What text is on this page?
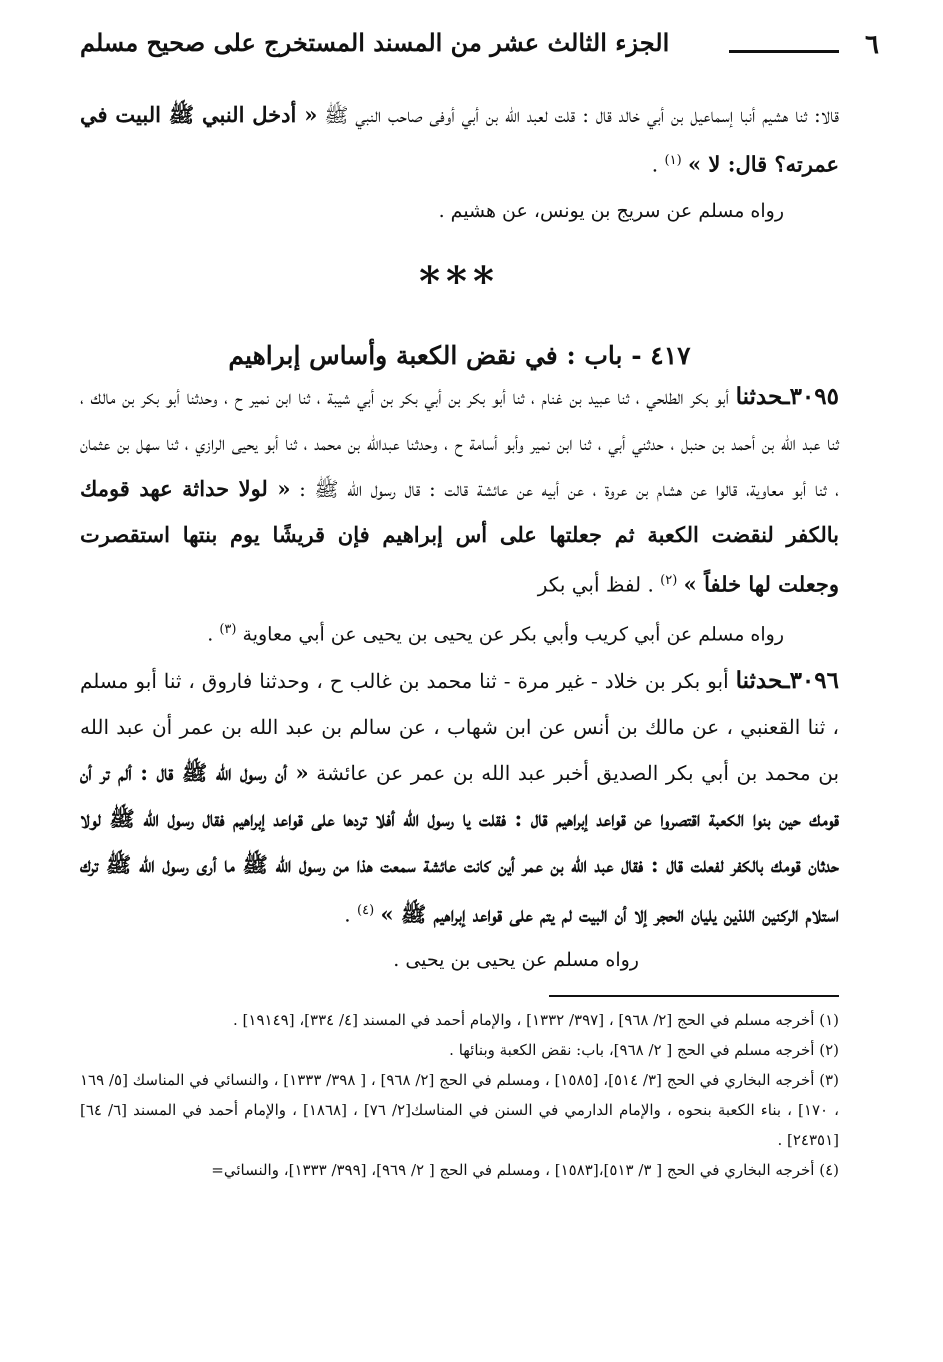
٦
الجزء الثالث عشر من المسند المستخرج على صحيح مسلم

قالا: ثنا هشيم أنبا إسماعيل بن أبي خالد قال : قلت لعبد الله بن أبي أوفى صاحب النبي ﷺ « أدخل النبي ﷺ البيت في عمرته؟ قال: لا » $^{(١)}$ .

رواه مسلم عن سريج بن يونس، عن هشيم .

***
٤١٧ - باب : في نقض الكعبة وأساس إبراهيم

٣٠٩٥ـحدثنا أبو بكر الطلحي ، ثنا عبيد بن غنام ، ثنا أبو بكر بن أبي بكر بن أبي شيبة ، ثنا ابن نمير ح ، وحدثنا أبو بكر بن مالك ، ثنا عبد الله بن أحمد بن حنبل ، حدثني أبي ، ثنا ابن نمير وأبو أسامة ح ، وحدثنا عبدالله بن محمد ، ثنا أبو يحيى الرازي ، ثنا سهل بن عثمان ، ثنا أبو معاوية، قالوا عن هشام بن عروة ، عن أبيه عن عائشة قالت : قال رسول الله ﷺ : « لولا حداثة عهد قومك بالكفر لنقضت الكعبة ثم جعلتها على أس إبراهيم فإن قريشًا يوم بنتها استقصرت وجعلت لها خلفاً » $^{(٢)}$ . لفظ أبي بكر

رواه مسلم عن أبي كريب وأبي بكر عن يحيى بن يحيى عن أبي معاوية $^{(٣)}$ .

٣٠٩٦ـحدثنا أبو بكر بن خلاد - غير مرة - ثنا محمد بن غالب ح ، وحدثنا فاروق ، ثنا أبو مسلم ، ثنا القعنبي ، عن مالك بن أنس عن ابن شهاب ، عن سالم بن عبد الله بن عمر أن عبد الله بن محمد بن أبي بكر الصديق أخبر عبد الله بن عمر عن عائشة « أن رسول الله ﷺ قال : ألم تر أن قومك حين بنوا الكعبة اقتصروا عن قواعد إبراهيم قال : فقلت يا رسول الله أفلا تردها على قواعد إبراهيم فقال رسول الله ﷺ لولا حدثان قومك بالكفر لفعلت قال : فقال عبد الله بن عمر أين كانت عائشة سمعت هذا من رسول الله ﷺ ما أرى رسول الله ﷺ ترك استلام الركنين اللذين يليان الحجر إلا أن البيت لم يتم على قواعد إبراهيم ﷺ » $^{(٤)}$ .

رواه مسلم عن يحيى بن يحيى .

(١) أخرجه مسلم في الحج [٢/ ٩٦٨] ، [٣٩٧/ ١٣٣٢] ، والإمام أحمد في المسند [٤/ ٣٣٤]، [١٩١٤٩] .

(٢) أخرجه مسلم في الحج [ ٢/ ٩٦٨]، باب: نقض الكعبة وبنائها .

(٣) أخرجه البخاري في الحج [٣/ ٥١٤]، [١٥٨٥] ، ومسلم في الحج [٢/ ٩٦٨] ، [ ٣٩٨/ ١٣٣٣] ، والنسائي في المناسك [٥/ ١٦٩ ، ١٧٠] ، بناء الكعبة بنحوه ، والإمام الدارمي في السنن في المناسك[٢/ ٧٦] ، [١٨٦٨] ، والإمام أحمد في المسند [٦/ ٦٤] [٢٤٣٥١] .

(٤) أخرجه البخاري في الحج [ ٣/ ٥١٣]،[١٥٨٣] ، ومسلم في الحج [ ٢/ ٩٦٩]، [٣٩٩/ ١٣٣٣]، والنسائي=
